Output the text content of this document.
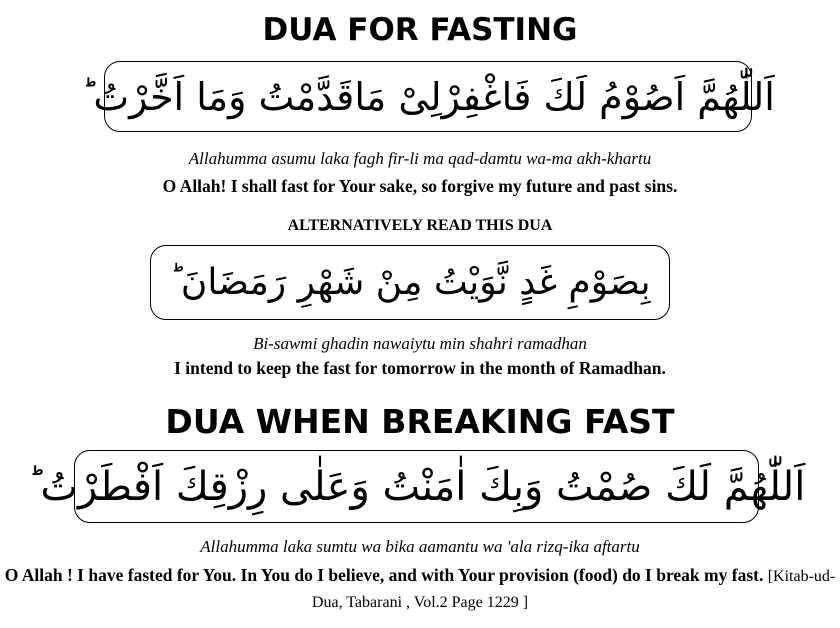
DUA FOR FASTING
اَللّٰهُمَّ اَصُوْمُ لَكَ فَاغْفِرْلِیْ مَاقَدَّمْتُ وَمَا اَخَّرْتُ ؕ
Allahumma asumu laka fagh fir-li ma qad-damtu wa-ma akh-khartu
O Allah! I shall fast for Your sake, so forgive my future and past sins.
ALTERNATIVELY READ THIS DUA
بِصَوْمِ غَدٍ نَّوَيْتُ مِنْ شَهْرِ رَمَضَانَ ؕ
Bi-sawmi ghadin nawaiytu min shahri ramadhan
I intend to keep the fast for tomorrow in the month of Ramadhan.
DUA WHEN BREAKING FAST
اَللّٰهُمَّ لَكَ صُمْتُ وَبِكَ اٰمَنْتُ وَعَلٰى رِزْقِكَ اَفْطَرْتُ ؕ
Allahumma laka sumtu wa bika aamantu wa 'ala rizq-ika aftartu
O Allah ! I have fasted for You. In You do I believe, and with Your provision (food) do I break my fast. [Kitab-ud-Dua, Tabarani , Vol.2 Page 1229 ]
